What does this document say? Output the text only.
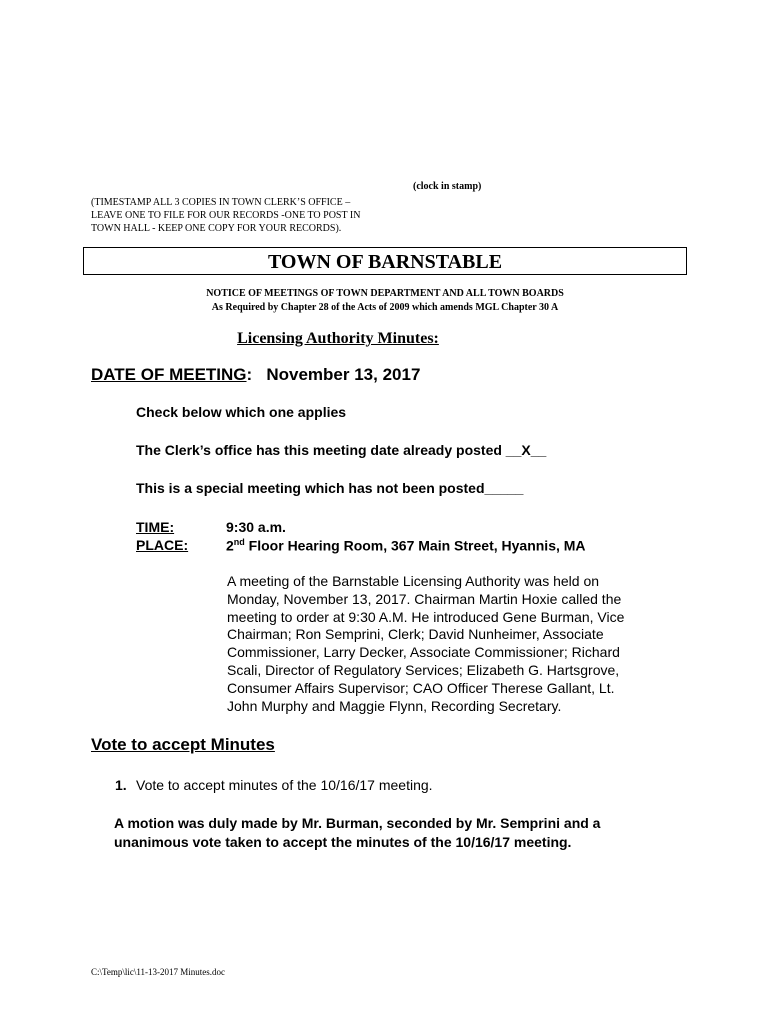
(clock in stamp)
(TIMESTAMP ALL 3 COPIES IN TOWN CLERK’S OFFICE –
LEAVE ONE TO FILE FOR OUR RECORDS -ONE TO POST IN
TOWN HALL - KEEP ONE COPY FOR YOUR RECORDS).
TOWN OF BARNSTABLE
NOTICE OF MEETINGS OF TOWN DEPARTMENT AND ALL TOWN BOARDS
As Required by Chapter 28 of the Acts of 2009 which amends MGL Chapter 30 A
Licensing Authority Minutes:
DATE OF MEETING:   November 13, 2017
Check below which one applies
The Clerk’s office has this meeting date already posted __X__
This is a special meeting which has not been posted_____
TIME:	9:30 a.m.
PLACE:	2nd Floor Hearing Room, 367 Main Street, Hyannis, MA
A meeting of the Barnstable Licensing Authority was held on
Monday, November 13, 2017. Chairman Martin Hoxie called the
meeting to order at 9:30 A.M. He introduced Gene Burman, Vice
Chairman; Ron Semprini, Clerk; David Nunheimer, Associate
Commissioner, Larry Decker, Associate Commissioner; Richard
Scali, Director of Regulatory Services; Elizabeth G. Hartsgrove,
Consumer Affairs Supervisor; CAO Officer Therese Gallant, Lt.
John Murphy and Maggie Flynn, Recording Secretary.
Vote to accept Minutes
1. Vote to accept minutes of the 10/16/17 meeting.
A motion was duly made by Mr. Burman, seconded by Mr. Semprini and a
unanimous vote taken to accept the minutes of the 10/16/17 meeting.
C:\Temp\lic\11-13-2017 Minutes.doc
